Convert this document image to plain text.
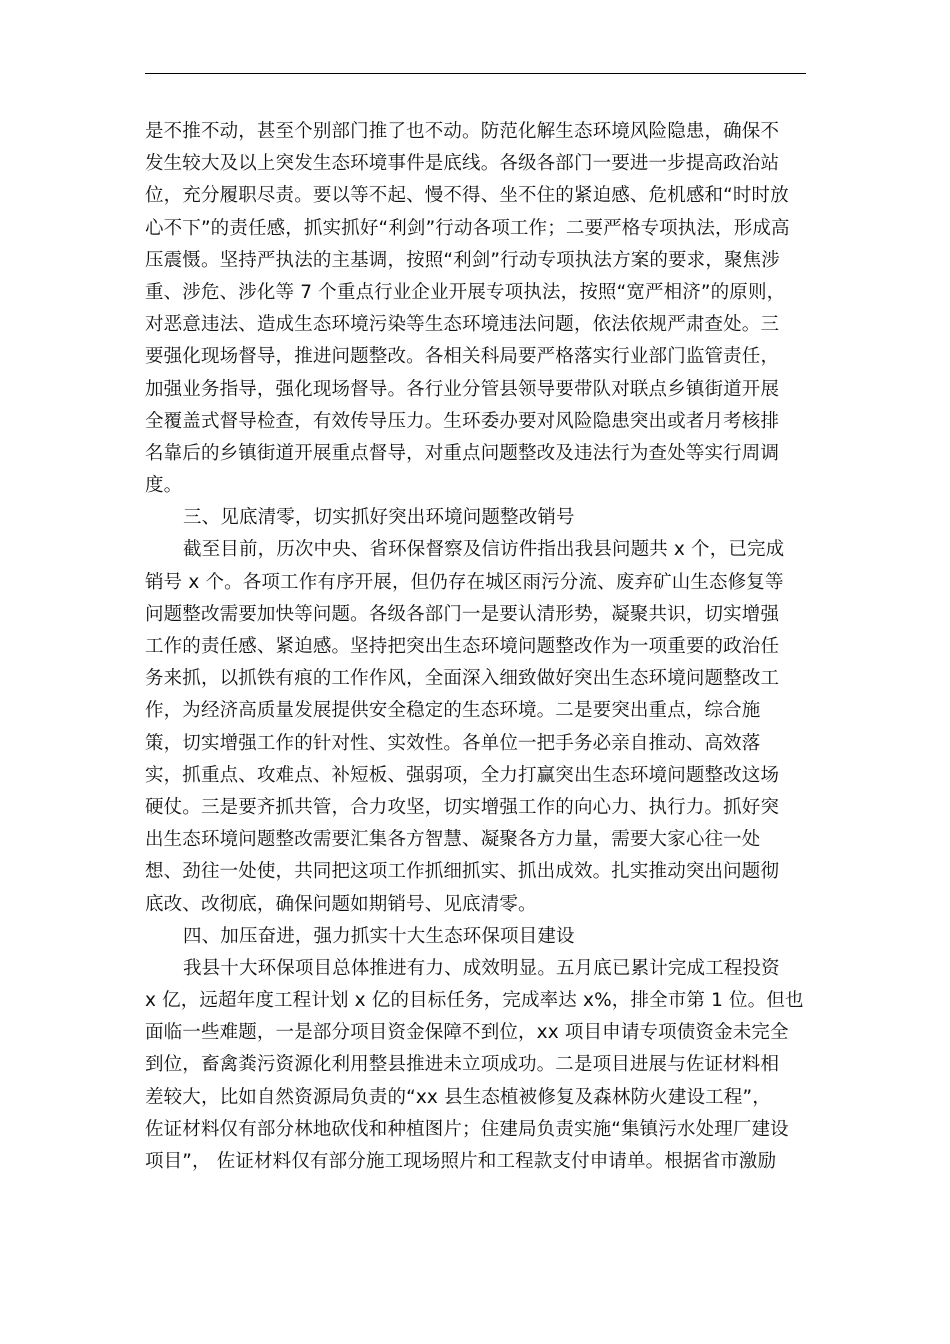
是不推不动，甚至个别部门推了也不动。防范化解生态环境风险隐患，确保不
发生较大及以上突发生态环境事件是底线。各级各部门一要进一步提高政治站
位，充分履职尽责。要以等不起、慢不得、坐不住的紧迫感、危机感和“时时放
心不下”的责任感，抓实抓好“利剑”行动各项工作；二要严格专项执法，形成高
压震慑。坚持严执法的主基调，按照“利剑”行动专项执法方案的要求，聚焦涉
重、涉危、涉化等 7 个重点行业企业开展专项执法，按照“宽严相济”的原则，
对恶意违法、造成生态环境污染等生态环境违法问题，依法依规严肃查处。三
要强化现场督导，推进问题整改。各相关科局要严格落实行业部门监管责任，
加强业务指导，强化现场督导。各行业分管县领导要带队对联点乡镇街道开展
全覆盖式督导检查，有效传导压力。生环委办要对风险隐患突出或者月考核排
名靠后的乡镇街道开展重点督导，对重点问题整改及违法行为查处等实行周调
度。
三、见底清零，切实抓好突出环境问题整改销号
截至目前，历次中央、省环保督察及信访件指出我县问题共 x 个，已完成
销号 x 个。各项工作有序开展，但仍存在城区雨污分流、废弃矿山生态修复等
问题整改需要加快等问题。各级各部门一是要认清形势，凝聚共识，切实增强
工作的责任感、紧迫感。坚持把突出生态环境问题整改作为一项重要的政治任
务来抓，以抓铁有痕的工作作风，全面深入细致做好突出生态环境问题整改工
作，为经济高质量发展提供安全稳定的生态环境。二是要突出重点，综合施
策，切实增强工作的针对性、实效性。各单位一把手务必亲自推动、高效落
实，抓重点、攻难点、补短板、强弱项，全力打赢突出生态环境问题整改这场
硬仗。三是要齐抓共管，合力攻坚，切实增强工作的向心力、执行力。抓好突
出生态环境问题整改需要汇集各方智慧、凝聚各方力量，需要大家心往一处
想、劲往一处使，共同把这项工作抓细抓实、抓出成效。扎实推动突出问题彻
底改、改彻底，确保问题如期销号、见底清零。
四、加压奋进，强力抓实十大生态环保项目建设
我县十大环保项目总体推进有力、成效明显。五月底已累计完成工程投资
x 亿，远超年度工程计划 x 亿的目标任务，完成率达 x%，排全市第 1 位。但也
面临一些难题，一是部分项目资金保障不到位，xx 项目申请专项债资金未完全
到位，畜禽粪污资源化利用整县推进未立项成功。二是项目进展与佐证材料相
差较大，比如自然资源局负责的“xx 县生态植被修复及森林防火建设工程”，
佐证材料仅有部分林地砍伐和种植图片；住建局负责实施“集镇污水处理厂建设
项目”， 佐证材料仅有部分施工现场照片和工程款支付申请单。根据省市激励
